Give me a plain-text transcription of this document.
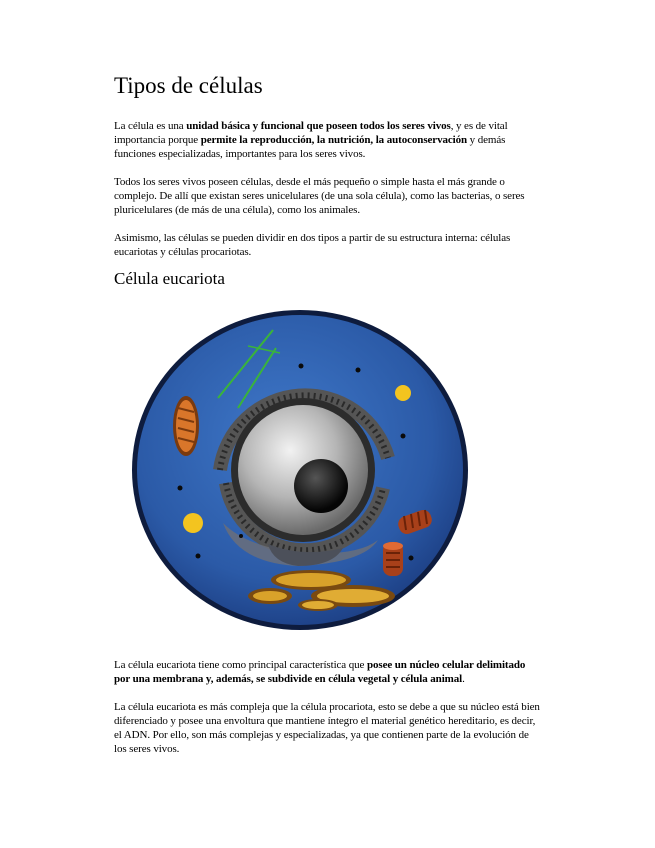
Tipos de células

La célula es una unidad básica y funcional que poseen todos los seres vivos, y es de vital importancia porque permite la reproducción, la nutrición, la autoconservación y demás funciones especializadas, importantes para los seres vivos.

Todos los seres vivos poseen células, desde el más pequeño o simple hasta el más grande o complejo. De allí que existan seres unicelulares (de una sola célula), como las bacterias, o seres pluricelulares (de más de una célula), como los animales.

Asimismo, las células se pueden dividir en dos tipos a partir de su estructura interna: células eucariotas y células procariotas.

Célula eucariota

La célula eucariota tiene como principal característica que posee un núcleo celular delimitado por una membrana y, además, se subdivide en célula vegetal y célula animal.

La célula eucariota es más compleja que la célula procariota, esto se debe a que su núcleo está bien diferenciado y posee una envoltura que mantiene íntegro el material genético hereditario, es decir, el ADN. Por ello, son más complejas y especializadas, ya que contienen parte de la evolución de los seres vivos.
